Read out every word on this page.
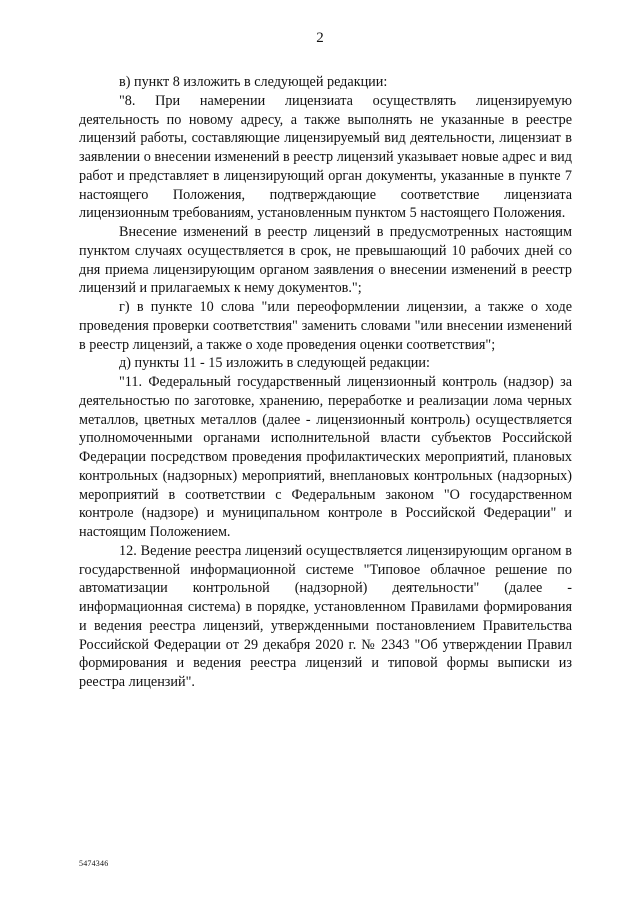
2

в) пункт 8 изложить в следующей редакции:

"8. При намерении лицензиата осуществлять лицензируемую деятельность по новому адресу, а также выполнять не указанные в реестре лицензий работы, составляющие лицензируемый вид деятельности, лицензиат в заявлении о внесении изменений в реестр лицензий указывает новые адрес и вид работ и представляет в лицензирующий орган документы, указанные в пункте 7 настоящего Положения, подтверждающие соответствие лицензиата лицензионным требованиям, установленным пунктом 5 настоящего Положения.

Внесение изменений в реестр лицензий в предусмотренных настоящим пунктом случаях осуществляется в срок, не превышающий 10 рабочих дней со дня приема лицензирующим органом заявления о внесении изменений в реестр лицензий и прилагаемых к нему документов.";

г) в пункте 10 слова "или переоформлении лицензии, а также о ходе проведения проверки соответствия" заменить словами "или внесении изменений в реестр лицензий, а также о ходе проведения оценки соответствия";

д) пункты 11 - 15 изложить в следующей редакции:

"11. Федеральный государственный лицензионный контроль (надзор) за деятельностью по заготовке, хранению, переработке и реализации лома черных металлов, цветных металлов (далее - лицензионный контроль) осуществляется уполномоченными органами исполнительной власти субъектов Российской Федерации посредством проведения профилактических мероприятий, плановых контрольных (надзорных) мероприятий, внеплановых контрольных (надзорных) мероприятий в соответствии с Федеральным законом "О государственном контроле (надзоре) и муниципальном контроле в Российской Федерации" и настоящим Положением.

12. Ведение реестра лицензий осуществляется лицензирующим органом в государственной информационной системе "Типовое облачное решение по автоматизации контрольной (надзорной) деятельности" (далее - информационная система) в порядке, установленном Правилами формирования и ведения реестра лицензий, утвержденными постановлением Правительства Российской Федерации от 29 декабря 2020 г. № 2343 "Об утверждении Правил формирования и ведения реестра лицензий и типовой формы выписки из реестра лицензий".

5474346
